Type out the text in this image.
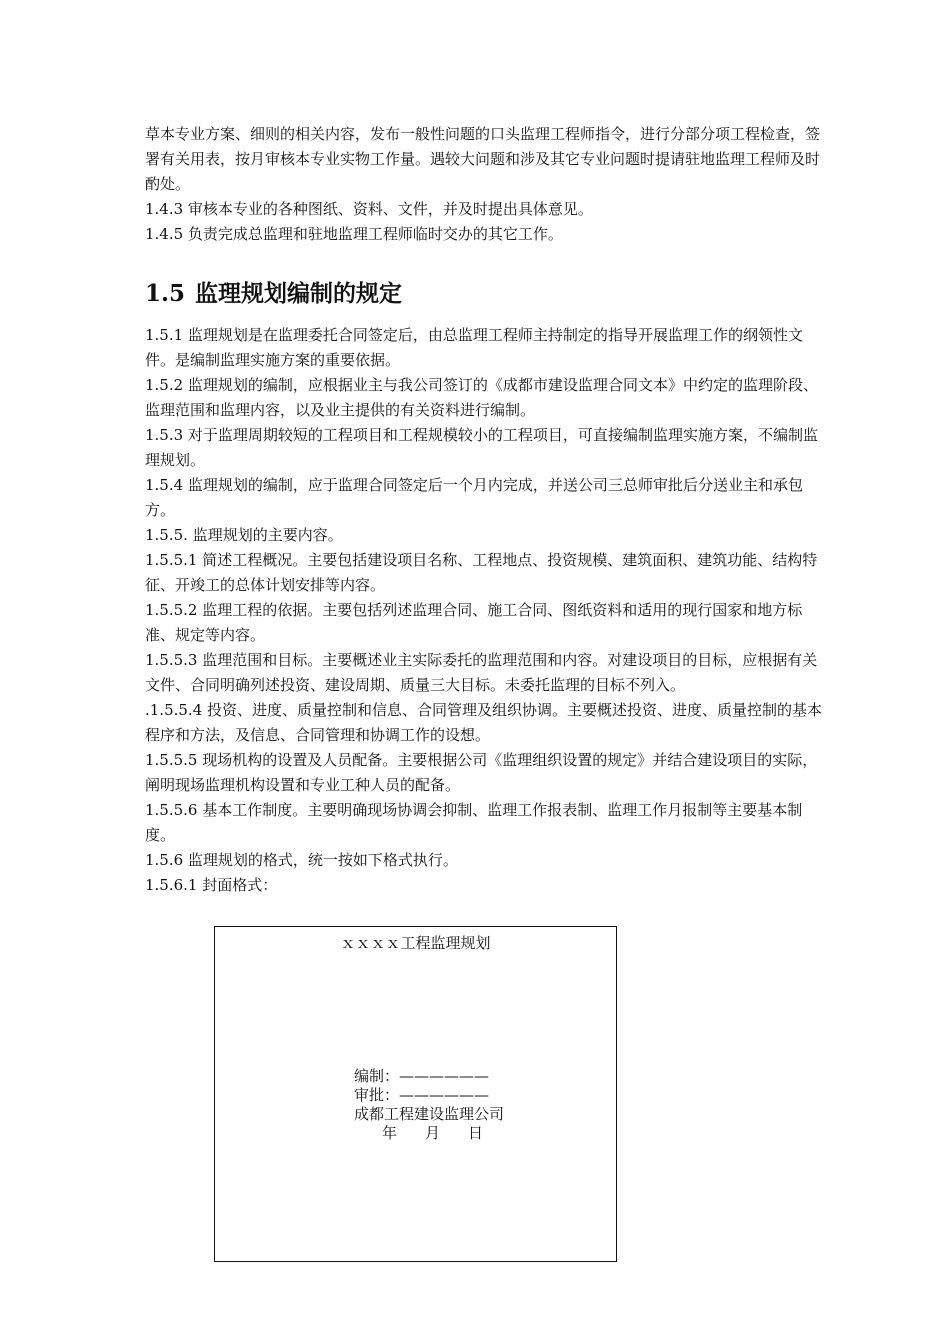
草本专业方案、细则的相关内容，发布一般性问题的口头监理工程师指令，进行分部分项工程检查，签署有关用表，按月审核本专业实物工作量。遇较大问题和涉及其它专业问题时提请驻地监理工程师及时酌处。

1.4.3 审核本专业的各种图纸、资料、文件，并及时提出具体意见。

1.4.5 负责完成总监理和驻地监理工程师临时交办的其它工作。

1.5 监理规划编制的规定

1.5.1 监理规划是在监理委托合同签定后，由总监理工程师主持制定的指导开展监理工作的纲领性文件。是编制监理实施方案的重要依据。

1.5.2 监理规划的编制，应根据业主与我公司签订的《成都市建设监理合同文本》中约定的监理阶段、监理范围和监理内容，以及业主提供的有关资料进行编制。

1.5.3 对于监理周期较短的工程项目和工程规模较小的工程项目，可直接编制监理实施方案，不编制监理规划。

1.5.4 监理规划的编制，应于监理合同签定后一个月内完成，并送公司三总师审批后分送业主和承包方。

1.5.5. 监理规划的主要内容。

1.5.5.1 简述工程概况。主要包括建设项目名称、工程地点、投资规模、建筑面积、建筑功能、结构特征、开竣工的总体计划安排等内容。

1.5.5.2 监理工程的依据。主要包括列述监理合同、施工合同、图纸资料和适用的现行国家和地方标准、规定等内容。

1.5.5.3 监理范围和目标。主要概述业主实际委托的监理范围和内容。对建设项目的目标，应根据有关文件、合同明确列述投资、建设周期、质量三大目标。未委托监理的目标不列入。

.1.5.5.4 投资、进度、质量控制和信息、合同管理及组织协调。主要概述投资、进度、质量控制的基本程序和方法，及信息、合同管理和协调工作的设想。

1.5.5.5 现场机构的设置及人员配备。主要根据公司《监理组织设置的规定》并结合建设项目的实际，阐明现场监理机构设置和专业工种人员的配备。

1.5.5.6 基本工作制度。主要明确现场协调会抑制、监理工作报表制、监理工作月报制等主要基本制度。

1.5.6 监理规划的格式，统一按如下格式执行。

1.5.6.1 封面格式：

ｘｘｘｘ工程监理规划
编制：——————
审批：——————
成都工程建设监理公司
年 月 日
